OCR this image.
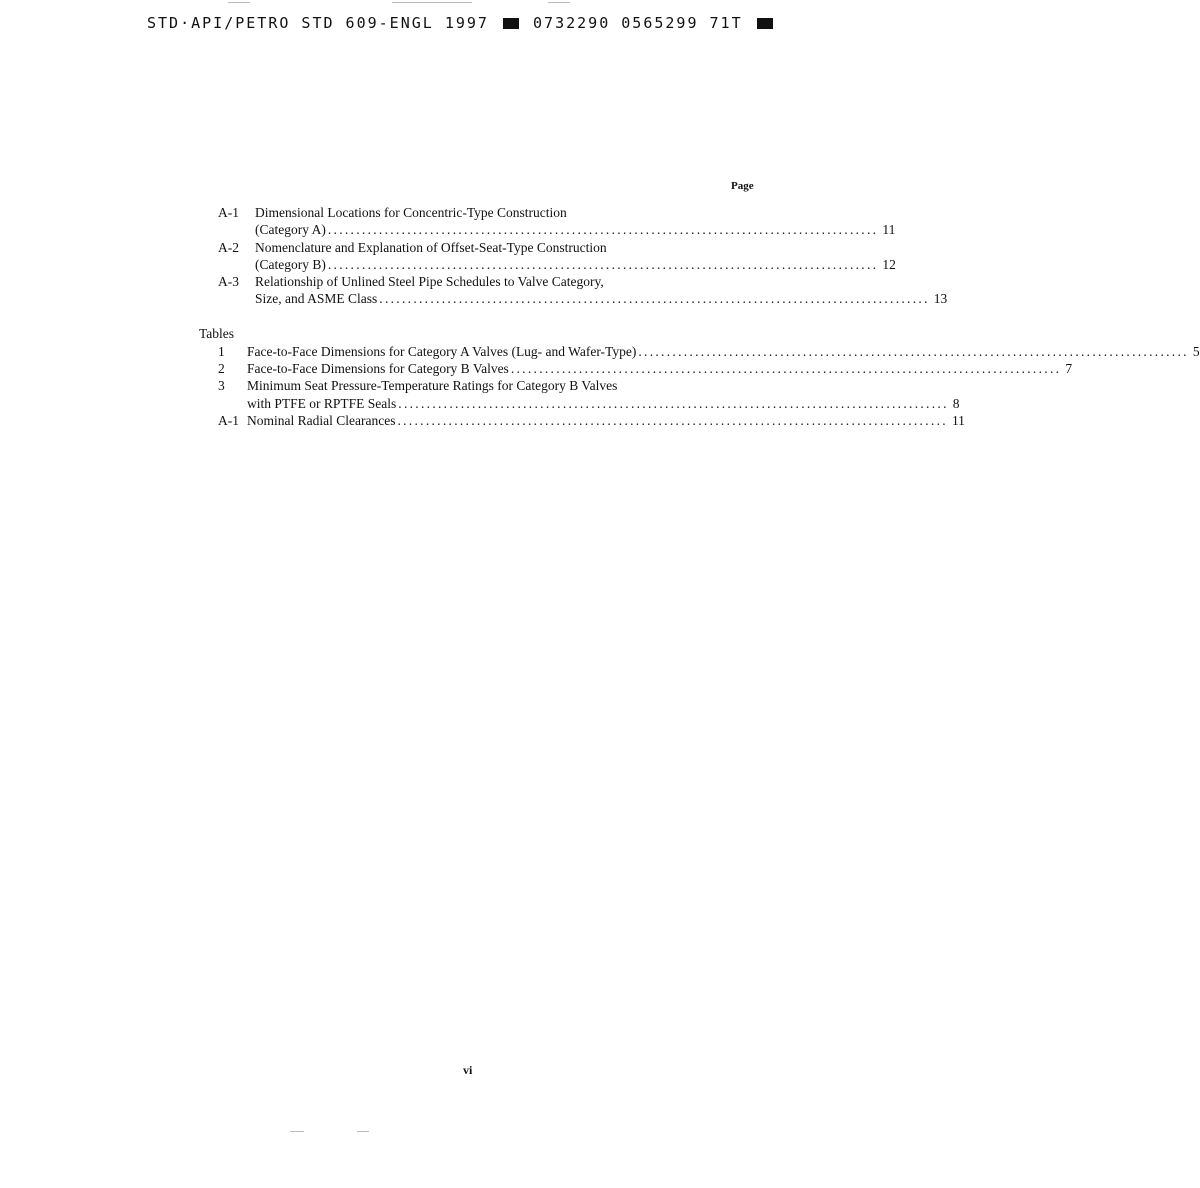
STD·API/PETRO STD 609-ENGL 1997	0732290 0565299 71T
Page
A-1 Dimensional Locations for Concentric-Type Construction
(Category A) ................................................................................................. 11
A-2 Nomenclature and Explanation of Offset-Seat-Type Construction
(Category B) ................................................................................................. 12
A-3 Relationship of Unlined Steel Pipe Schedules to Valve Category,
Size, and ASME Class ................................................................................................. 13
Tables
1 Face-to-Face Dimensions for Category A Valves (Lug- and Wafer-Type) ................................................................................................. 5
2 Face-to-Face Dimensions for Category B Valves ................................................................................................. 7
3 Minimum Seat Pressure-Temperature Ratings for Category B Valves
with PTFE or RPTFE Seals ................................................................................................. 8
A-1 Nominal Radial Clearances ................................................................................................. 11
vi
